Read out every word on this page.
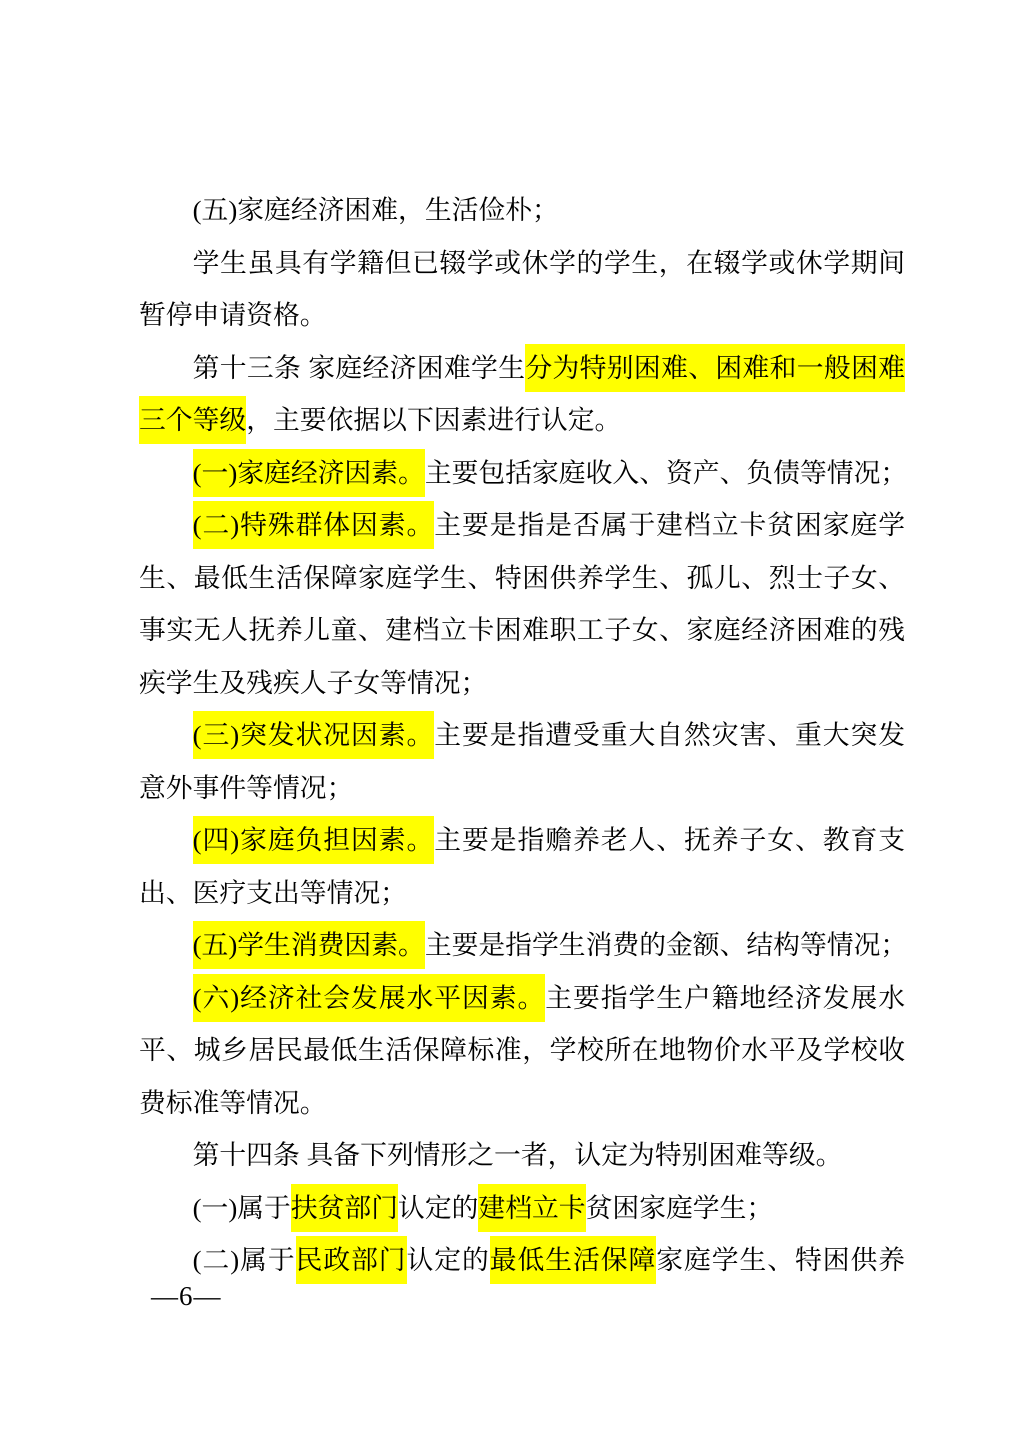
(五)家庭经济困难，生活俭朴；
学生虽具有学籍但已辍学或休学的学生，在辍学或休学期间
暂停申请资格。
第十三条 家庭经济困难学生分为特别困难、困难和一般困难
三个等级，主要依据以下因素进行认定。
(一)家庭经济因素。主要包括家庭收入、资产、负债等情况；
(二)特殊群体因素。主要是指是否属于建档立卡贫困家庭学
生、最低生活保障家庭学生、特困供养学生、孤儿、烈士子女、
事实无人抚养儿童、建档立卡困难职工子女、家庭经济困难的残
疾学生及残疾人子女等情况；
(三)突发状况因素。主要是指遭受重大自然灾害、重大突发
意外事件等情况；
(四)家庭负担因素。主要是指赡养老人、抚养子女、教育支
出、医疗支出等情况；
(五)学生消费因素。主要是指学生消费的金额、结构等情况；
(六)经济社会发展水平因素。主要指学生户籍地经济发展水
平、城乡居民最低生活保障标准，学校所在地物价水平及学校收
费标准等情况。
第十四条 具备下列情形之一者，认定为特别困难等级。
(一)属于扶贫部门认定的建档立卡贫困家庭学生；
(二)属于民政部门认定的最低生活保障家庭学生、特困供养
—6—
